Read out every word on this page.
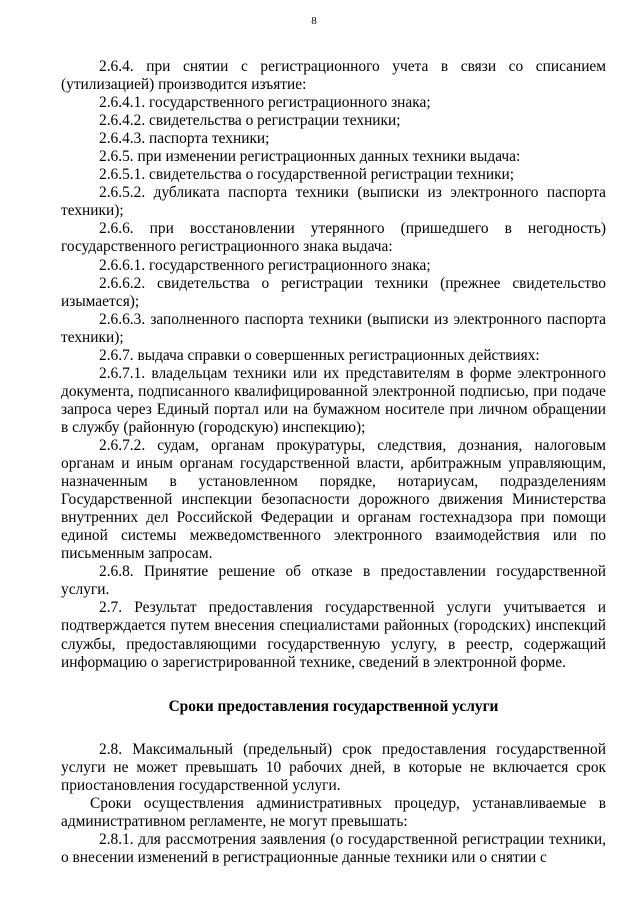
8

2.6.4. при снятии с регистрационного учета в связи со списанием (утилизацией) производится изъятие:

2.6.4.1. государственного регистрационного знака;

2.6.4.2. свидетельства о регистрации техники;

2.6.4.3. паспорта техники;

2.6.5. при изменении регистрационных данных техники выдача:

2.6.5.1. свидетельства о государственной регистрации техники;

2.6.5.2. дубликата паспорта техники (выписки из электронного паспорта техники);

2.6.6. при восстановлении утерянного (пришедшего в негодность) государственного регистрационного знака выдача:

2.6.6.1. государственного регистрационного знака;

2.6.6.2. свидетельства о регистрации техники (прежнее свидетельство изымается);

2.6.6.3. заполненного паспорта техники (выписки из электронного паспорта техники);

2.6.7. выдача справки о совершенных регистрационных действиях:

2.6.7.1. владельцам техники или их представителям в форме электронного документа, подписанного квалифицированной электронной подписью, при подаче запроса через Единый портал или на бумажном носителе при личном обращении в службу (районную (городскую) инспекцию);

2.6.7.2. судам, органам прокуратуры, следствия, дознания, налоговым органам и иным органам государственной власти, арбитражным управляющим, назначенным в установленном порядке, нотариусам, подразделениям Государственной инспекции безопасности дорожного движения Министерства внутренних дел Российской Федерации и органам гостехнадзора при помощи единой системы межведомственного электронного взаимодействия или по письменным запросам.

2.6.8. Принятие решение об отказе в предоставлении государственной услуги.

2.7. Результат предоставления государственной услуги учитывается и подтверждается путем внесения специалистами районных (городских) инспекций службы, предоставляющими государственную услугу, в реестр, содержащий информацию о зарегистрированной технике, сведений в электронной форме.

Сроки предоставления государственной услуги

2.8. Максимальный (предельный) срок предоставления государственной услуги не может превышать 10 рабочих дней, в которые не включается срок приостановления государственной услуги.

Сроки осуществления административных процедур, устанавливаемые в административном регламенте, не могут превышать:

2.8.1. для рассмотрения заявления (о государственной регистрации техники, о внесении изменений в регистрационные данные техники или о снятии с
